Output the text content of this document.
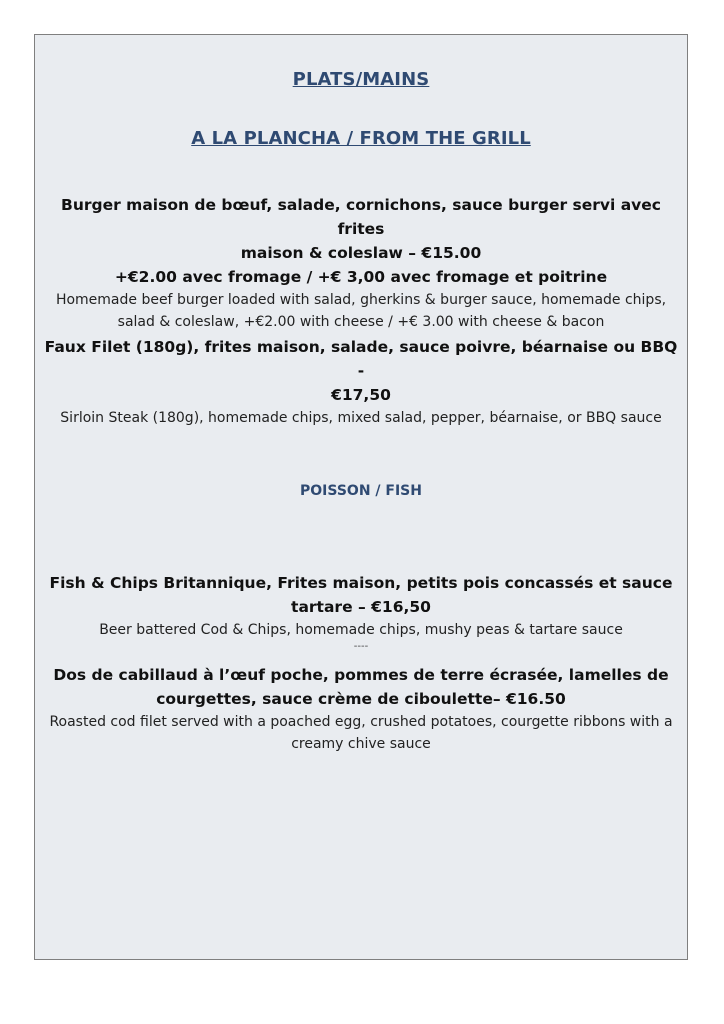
PLATS/MAINS
A LA PLANCHA / FROM THE GRILL
Burger maison de bœuf, salade, cornichons, sauce burger servi avec frites
maison & coleslaw – €15.00
+€2.00 avec fromage / +€ 3,00 avec fromage et poitrine
Homemade beef burger loaded with salad, gherkins & burger sauce, homemade chips,
salad & coleslaw, +€2.00 with cheese / +€ 3.00 with cheese & bacon
Faux Filet (180g), frites maison, salade, sauce poivre, béarnaise ou BBQ -
€17,50
Sirloin Steak (180g), homemade chips, mixed salad, pepper, béarnaise, or BBQ sauce
POISSON / FISH
Fish & Chips Britannique, Frites maison, petits pois concassés et sauce
tartare – €16,50
Beer battered Cod & Chips, homemade chips, mushy peas & tartare sauce
----
Dos de cabillaud à l’œuf poche, pommes de terre écrasée, lamelles de
courgettes, sauce crème de ciboulette– €16.50
Roasted cod filet served with a poached egg, crushed potatoes, courgette ribbons with a
creamy chive sauce
